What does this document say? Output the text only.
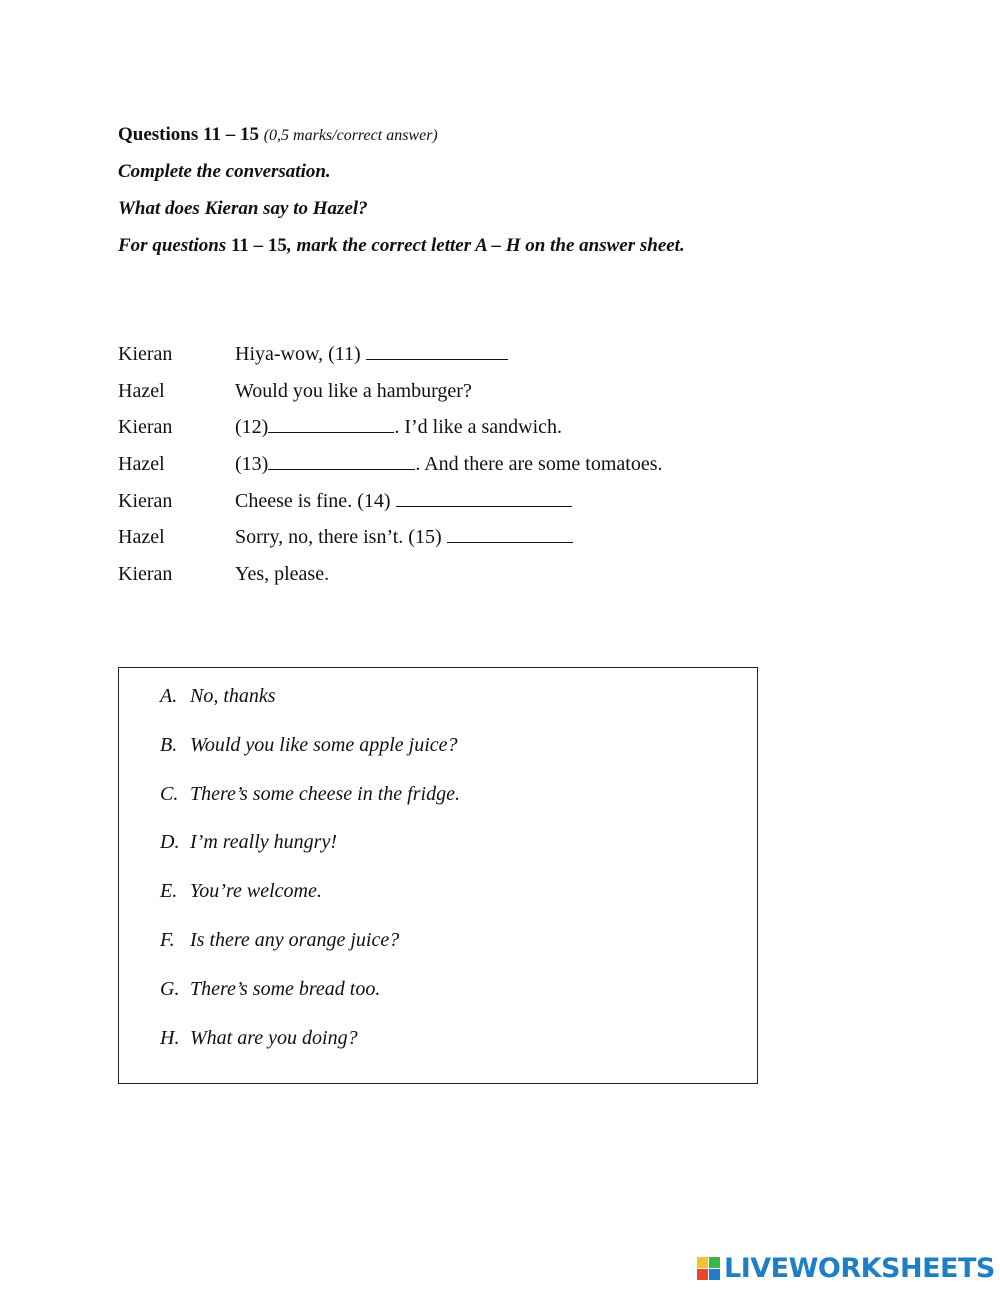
Questions 11 – 15 (0,5 marks/correct answer)
Complete the conversation.
What does Kieran say to Hazel?
For questions 11 – 15, mark the correct letter A – H on the answer sheet.
Kieran	Hiya-wow, (11)
Hazel	Would you like a hamburger?
Kieran	(12)	. I’d like a sandwich.
Hazel	(13)	. And there are some tomatoes.
Kieran	Cheese is fine. (14)
Hazel	Sorry, no, there isn’t. (15)
Kieran	Yes, please.
A. No, thanks
B. Would you like some apple juice?
C. There’s some cheese in the fridge.
D. I’m really hungry!
E. You’re welcome.
F. Is there any orange juice?
G. There’s some bread too.
H. What are you doing?
LIVEWORKSHEETS
